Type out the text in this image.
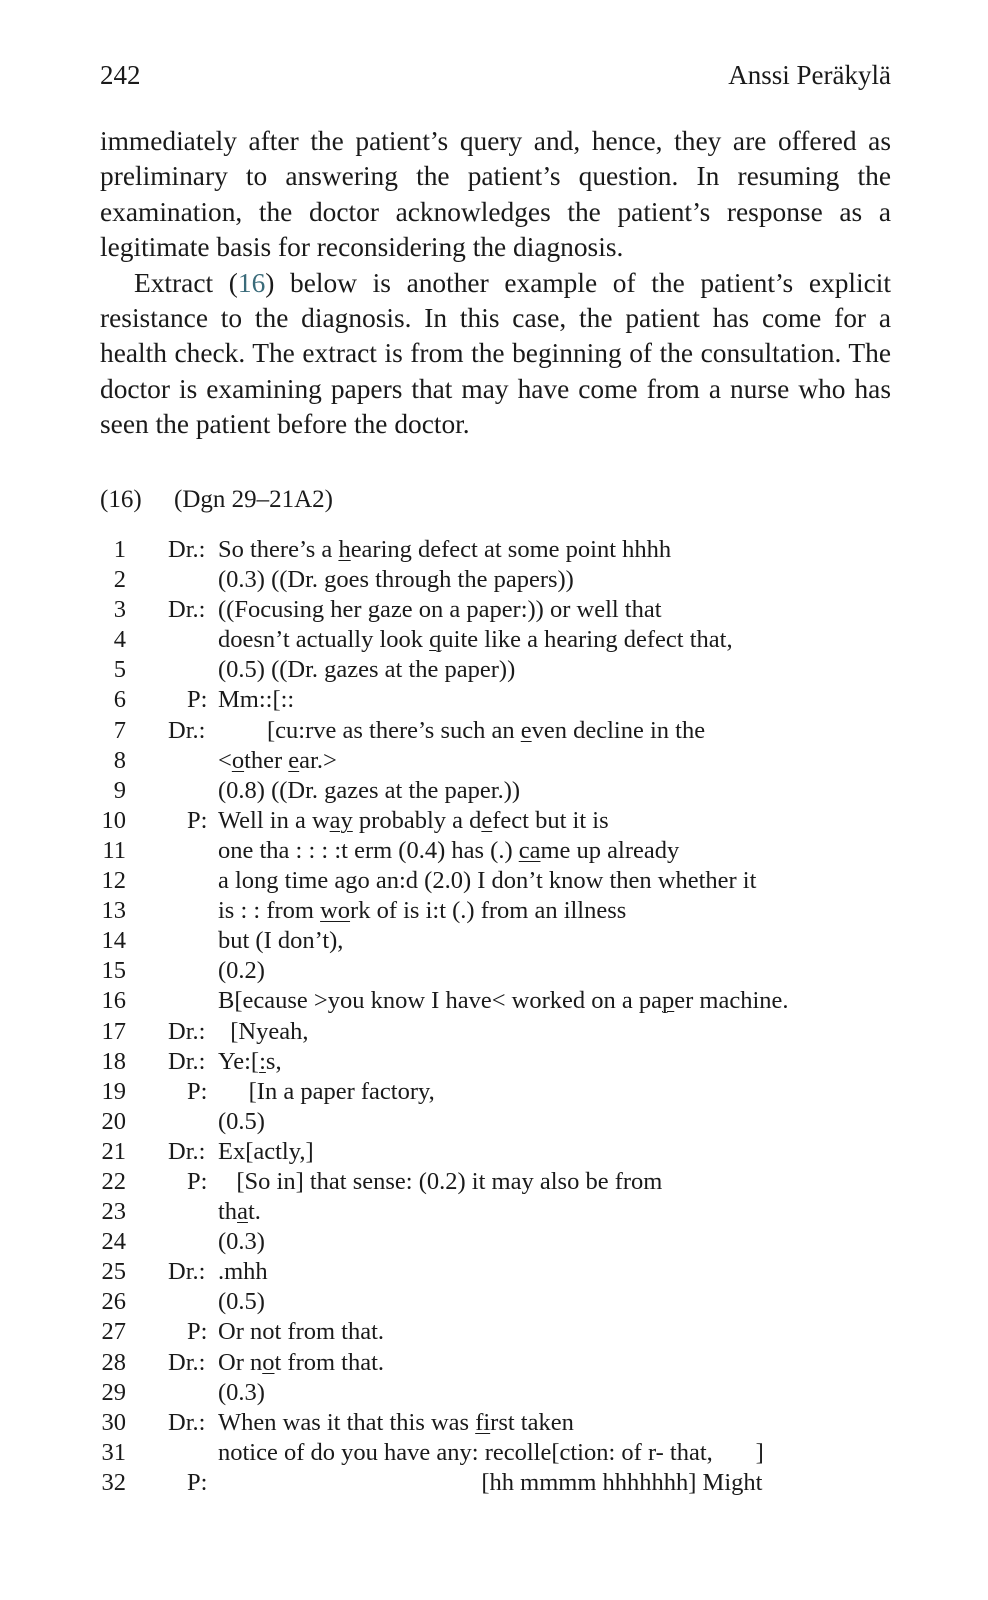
242	Anssi Peräkylä

immediately after the patient’s query and, hence, they are offered as preliminary to answering the patient’s question. In resuming the examination, the doctor acknowledges the patient’s response as a legitimate basis for reconsidering the diagnosis.

Extract (16) below is another example of the patient’s explicit resistance to the diagnosis. In this case, the patient has come for a health check. The extract is from the beginning of the consultation. The doctor is examining papers that may have come from a nurse who has seen the patient before the doctor.

(16) (Dgn 29–21A2)
1 Dr.: So there’s a hearing defect at some point hhhh
2	(0.3) ((Dr. goes through the papers))
3 Dr.: ((Focusing her gaze on a paper:)) or well that
4	doesn’t actually look quite like a hearing defect that,
5	(0.5) ((Dr. gazes at the paper))
6 P: Mm::[::
7 Dr.: [cu:rve as there’s such an even decline in the
8	<other ear.>
9	(0.8) ((Dr. gazes at the paper.))
10 P: Well in a way probably a defect but it is
11	one tha : : : :t erm (0.4) has (.) came up already
12	a long time ago an:d (2.0) I don’t know then whether it
13	is : : from work of is i:t (.) from an illness
14	but (I don’t),
15	(0.2)
16	B[ecause >you know I have< worked on a paper machine.
17 Dr.: [Nyeah,
18 Dr.: Ye:[:s,
19 P: [In a paper factory,
20	(0.5)
21 Dr.: Ex[actly,]
22 P: [So in] that sense: (0.2) it may also be from
23	that.
24	(0.3)
25 Dr.: .mhh
26	(0.5)
27 P: Or not from that.
28 Dr.: Or not from that.
29	(0.3)
30 Dr.: When was it that this was first taken
31	notice of do you have any: recolle[ction: of r- that,       ]
32 P: [hh mmmm hhhhhhh] Might
